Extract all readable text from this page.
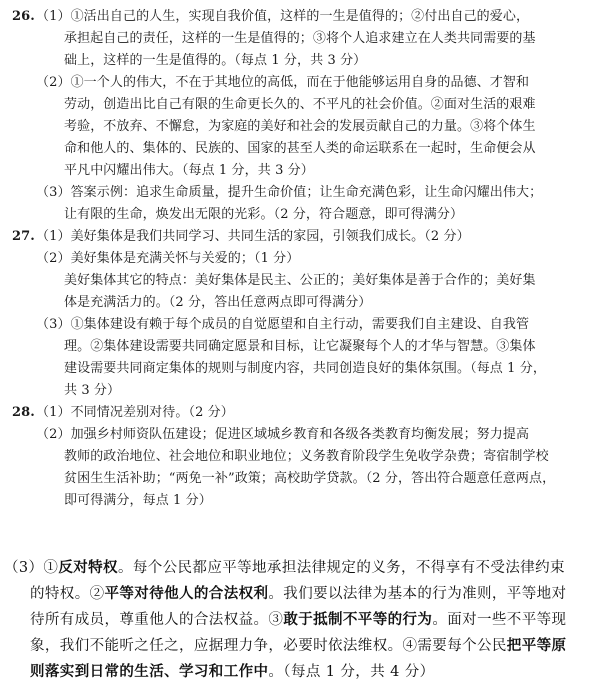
26. （1）①活出自己的人生，实现自我价值，这样的一生是值得的；②付出自己的爱心，
承担起自己的责任，这样的一生是值得的；③将个人追求建立在人类共同需要的基
础上，这样的一生是值得的。（每点 1 分，共 3 分）
（2）①一个人的伟大，不在于其地位的高低，而在于他能够运用自身的品德、才智和
劳动，创造出比自己有限的生命更长久的、不平凡的社会价值。②面对生活的艰难
考验，不放弃、不懈怠，为家庭的美好和社会的发展贡献自己的力量。③将个体生
命和他人的、集体的、民族的、国家的甚至人类的命运联系在一起时，生命便会从
平凡中闪耀出伟大。（每点 1 分，共 3 分）
（3）答案示例：追求生命质量，提升生命价值；让生命充满色彩，让生命闪耀出伟大；
让有限的生命，焕发出无限的光彩。（2 分，符合题意，即可得满分）
27. （1）美好集体是我们共同学习、共同生活的家园，引领我们成长。（2 分）
（2）美好集体是充满关怀与关爱的；（1 分）
美好集体其它的特点：美好集体是民主、公正的；美好集体是善于合作的；美好集
体是充满活力的。（2 分，答出任意两点即可得满分）
（3）①集体建设有赖于每个成员的自觉愿望和自主行动，需要我们自主建设、自我管
理。②集体建设需要共同确定愿景和目标，让它凝聚每个人的才华与智慧。③集体
建设需要共同商定集体的规则与制度内容，共同创造良好的集体氛围。（每点 1 分，
共 3 分）
28. （1）不同情况差别对待。（2 分）
（2）加强乡村师资队伍建设；促进区域城乡教育和各级各类教育均衡发展；努力提高
教师的政治地位、社会地位和职业地位；义务教育阶段学生免收学杂费；寄宿制学校
贫困生生活补助；“两免一补”政策；高校助学贷款。（2 分，答出符合题意任意两点，
即可得满分，每点 1 分）
（3）①反对特权。每个公民都应平等地承担法律规定的义务，不得享有不受法律约束
的特权。②平等对待他人的合法权利。我们要以法律为基本的行为准则，平等地对
待所有成员，尊重他人的合法权益。③敢于抵制不平等的行为。面对一些不平等现
象，我们不能听之任之，应据理力争，必要时依法维权。④需要每个公民把平等原
则落实到日常的生活、学习和工作中。（每点 1 分，共 4 分）
